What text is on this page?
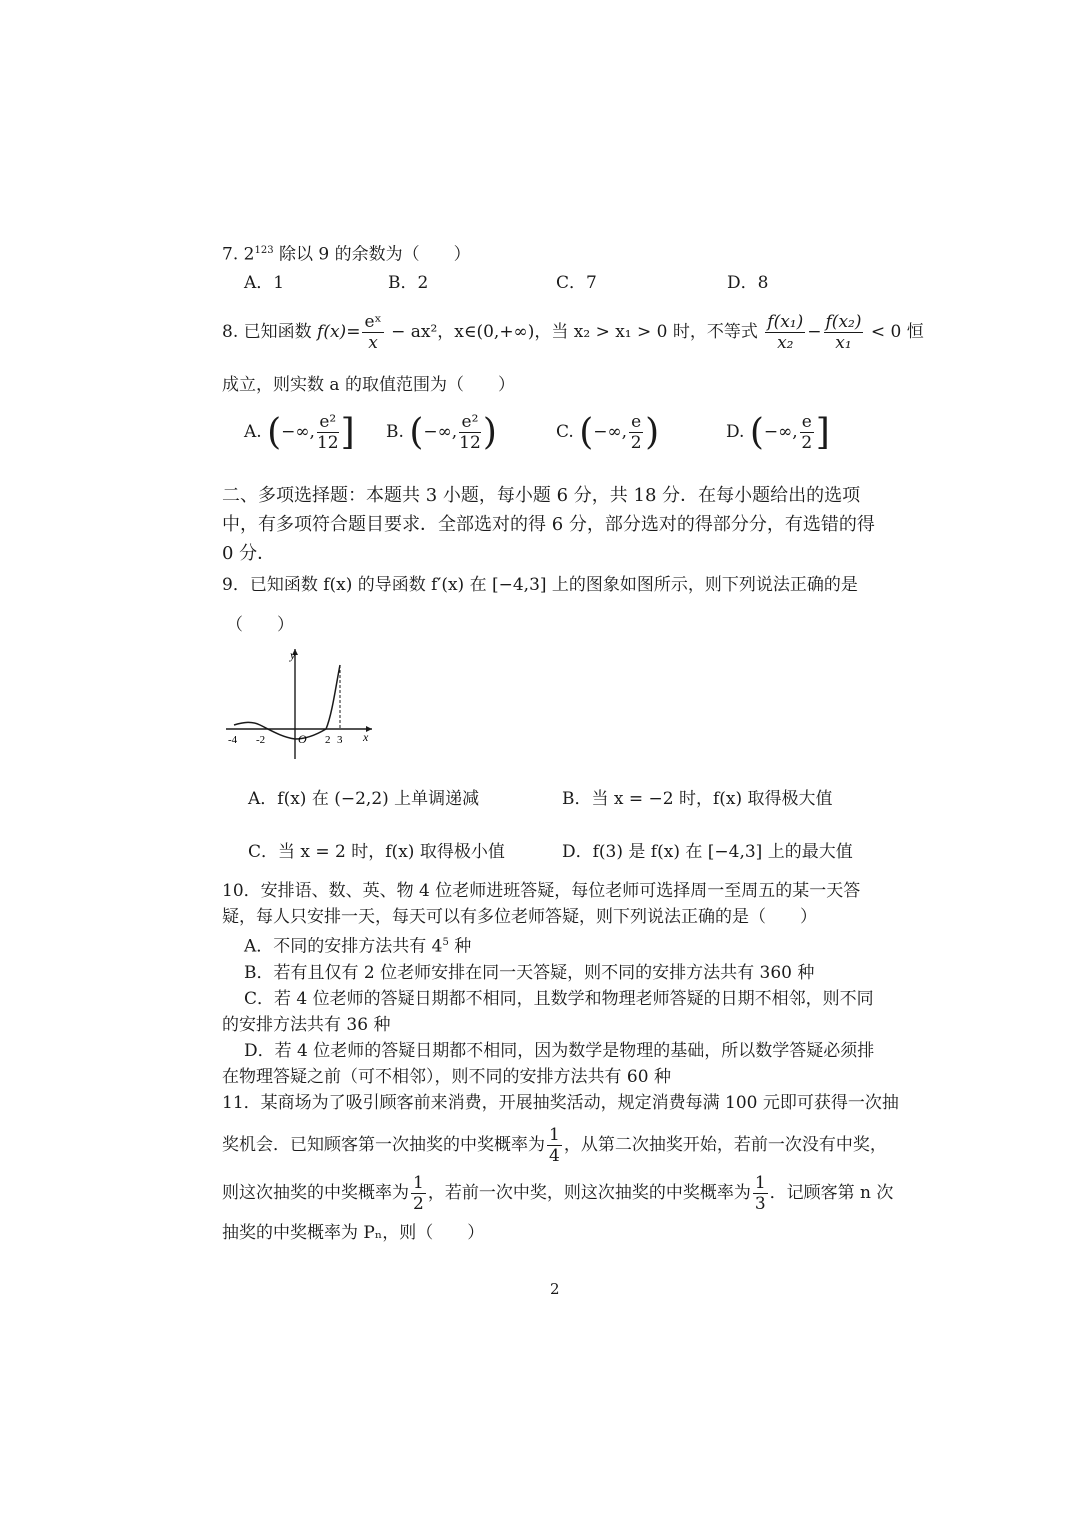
7. $2^{123}$ 除以 9 的余数为（　　）
A．1	B．2	C．7	D．8
8. 已知函数 $f(x)= \frac{\text{eˣ}}{x} - ax^2$，x∈(0,+∞)，当 x₂ > x₁ > 0 时，不等式 $\frac{\text{f(x₁)}}{\text{x₂}} - \frac{\text{f(x₂)}}{\text{x₁}} < 0$ 恒
成立，则实数 a 的取值范围为（　　）
A. (−∞, $\frac{\text{e²}}{12}$ ] B. (−∞, $\frac{\text{e²}}{12}$ )	C. (−∞, $\frac{e}{2}$ )	D. (−∞, $\frac{e}{2}$ ]
二、多项选择题：本题共 3 小题，每小题 6 分，共 18 分．在每小题给出的选项中，有多项符合题目要求．全部选对的得 6 分，部分选对的得部分分，有选错的得 0 分．
9．已知函数 f(x) 的导函数 f′(x) 在 [−4,3] 上的图象如图所示，则下列说法正确的是
（　　）
y
x
O
-4 -2	2 3
A．f(x) 在 (−2,2) 上单调递减	B．当 x = −2 时，f(x) 取得极大值
C．当 x = 2 时，f(x) 取得极小值	D．f(3) 是 f(x) 在 [−4,3] 上的最大值

10．安排语、数、英、物 4 位老师进班答疑，每位老师可选择周一至周五的某一天答

疑，每人只安排一天，每天可以有多位老师答疑，则下列说法正确的是（　　）

A．不同的安排方法共有 $4^5$ 种

B．若有且仅有 2 位老师安排在同一天答疑，则不同的安排方法共有 360 种

C．若 4 位老师的答疑日期都不相同，且数学和物理老师答疑的日期不相邻，则不同

的安排方法共有 36 种

D．若 4 位老师的答疑日期都不相同，因为数学是物理的基础，所以数学答疑必须排

在物理答疑之前（可不相邻），则不同的安排方法共有 60 种

11．某商场为了吸引顾客前来消费，开展抽奖活动，规定消费每满 100 元即可获得一次抽
奖机会．已知顾客第一次抽奖的中奖概率为 $\frac{1}{4}$ ，从第二次抽奖开始，若前一次没有中奖，
则这次抽奖的中奖概率为 $\frac{1}{2}$ ，若前一次中奖，则这次抽奖的中奖概率为 $\frac{1}{3}$ ．记顾客第 n 次
抽奖的中奖概率为 Pₙ，则（　　）
2
